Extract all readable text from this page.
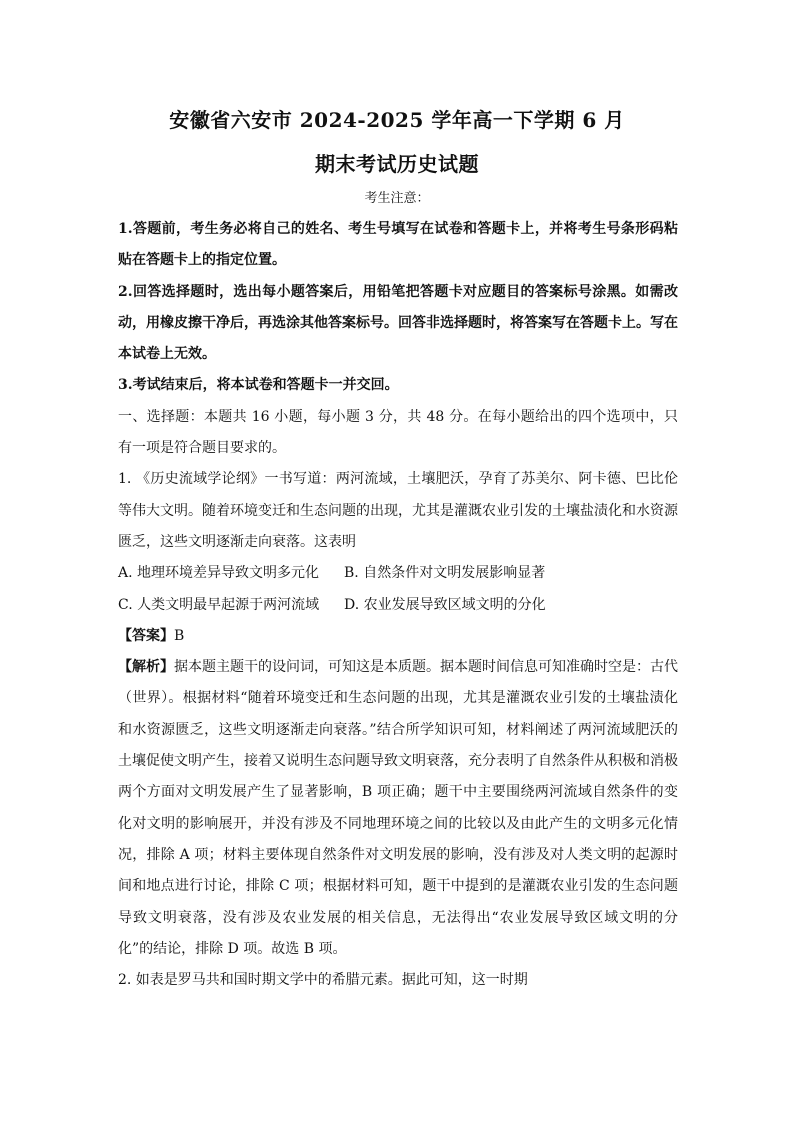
安徽省六安市 2024-2025 学年高一下学期 6 月
期末考试历史试题
考生注意：

1.答题前，考生务必将自己的姓名、考生号填写在试卷和答题卡上，并将考生号条形码粘贴在答题卡上的指定位置。

2.回答选择题时，选出每小题答案后，用铅笔把答题卡对应题目的答案标号涂黑。如需改动，用橡皮擦干净后，再选涂其他答案标号。回答非选择题时，将答案写在答题卡上。写在本试卷上无效。

3.考试结束后，将本试卷和答题卡一并交回。

一、选择题：本题共 16 小题，每小题 3 分，共 48 分。在每小题给出的四个选项中，只有一项是符合题目要求的。

1. 《历史流域学论纲》一书写道：两河流域，土壤肥沃，孕育了苏美尔、阿卡德、巴比伦等伟大文明。随着环境变迁和生态问题的出现，尤其是灌溉农业引发的土壤盐渍化和水资源匮乏，这些文明逐渐走向衰落。这表明

A. 地理环境差异导致文明多元化 B. 自然条件对文明发展影响显著

C. 人类文明最早起源于两河流域 D. 农业发展导致区域文明的分化

【答案】B

【解析】据本题主题干的设问词，可知这是本质题。据本题时间信息可知准确时空是：古代（世界）。根据材料“随着环境变迁和生态问题的出现，尤其是灌溉农业引发的土壤盐渍化和水资源匮乏，这些文明逐渐走向衰落。”结合所学知识可知，材料阐述了两河流域肥沃的土壤促使文明产生，接着又说明生态问题导致文明衰落，充分表明了自然条件从积极和消极两个方面对文明发展产生了显著影响，B 项正确；题干中主要围绕两河流域自然条件的变化对文明的影响展开，并没有涉及不同地理环境之间的比较以及由此产生的文明多元化情况，排除 A 项；材料主要体现自然条件对文明发展的影响，没有涉及对人类文明的起源时间和地点进行讨论，排除 C 项；根据材料可知，题干中提到的是灌溉农业引发的生态问题导致文明衰落，没有涉及农业发展的相关信息，无法得出“农业发展导致区域文明的分化”的结论，排除 D 项。故选 B 项。

2. 如表是罗马共和国时期文学中的希腊元素。据此可知，这一时期
